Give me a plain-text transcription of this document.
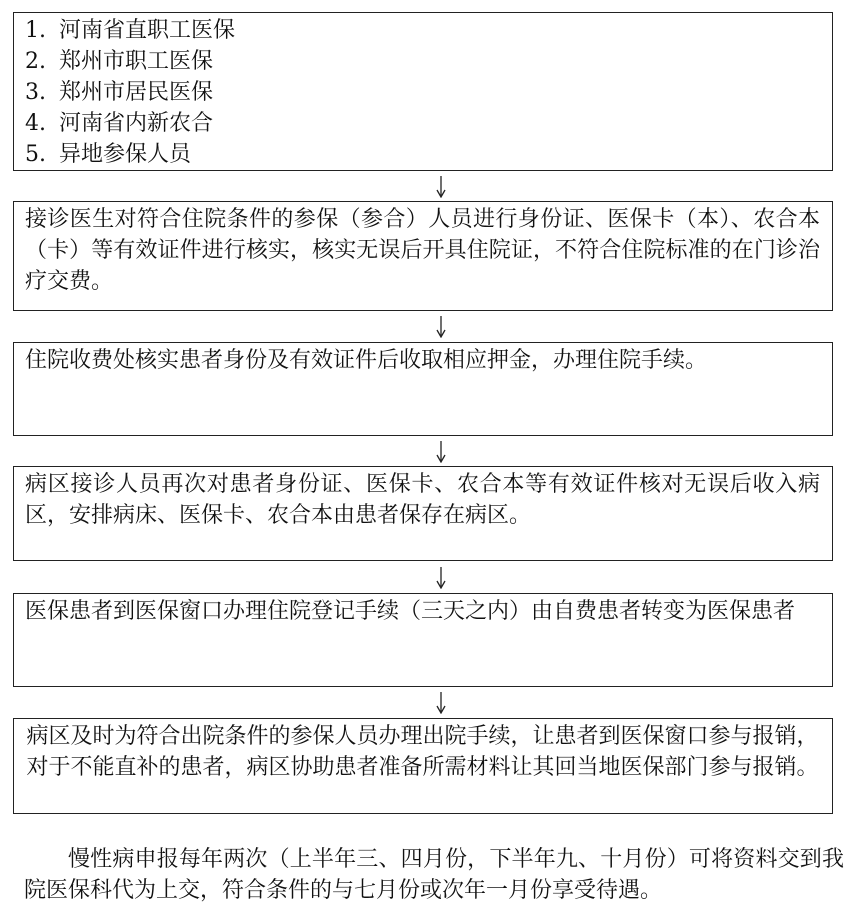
1. 河南省直职工医保
2. 郑州市职工医保
3. 郑州市居民医保
4. 河南省内新农合
5. 异地参保人员
接诊医生对符合住院条件的参保（参合）人员进行身份证、医保卡（本）、农合本（卡）等有效证件进行核实，核实无误后开具住院证，不符合住院标准的在门诊治疗交费。
住院收费处核实患者身份及有效证件后收取相应押金，办理住院手续。
病区接诊人员再次对患者身份证、医保卡、农合本等有效证件核对无误后收入病区，安排病床、医保卡、农合本由患者保存在病区。
医保患者到医保窗口办理住院登记手续（三天之内）由自费患者转变为医保患者
病区及时为符合出院条件的参保人员办理出院手续，让患者到医保窗口参与报销，对于不能直补的患者，病区协助患者准备所需材料让其回当地医保部门参与报销。
慢性病申报每年两次（上半年三、四月份，下半年九、十月份）可将资料交到我院医保科代为上交，符合条件的与七月份或次年一月份享受待遇。
